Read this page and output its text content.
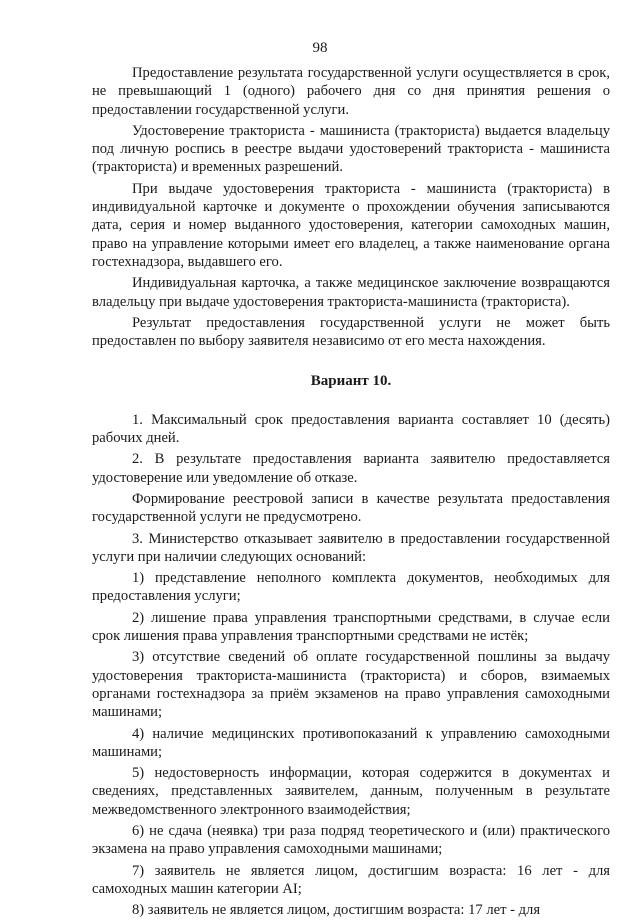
98

Предоставление результата государственной услуги осуществляется в срок, не превышающий 1 (одного) рабочего дня со дня принятия решения о предоставлении государственной услуги.

Удостоверение тракториста - машиниста (тракториста) выдается владельцу под личную роспись в реестре выдачи удостоверений тракториста - машиниста (тракториста) и временных разрешений.

При выдаче удостоверения тракториста - машиниста (тракториста) в индивидуальной карточке и документе о прохождении обучения записываются дата, серия и номер выданного удостоверения, категории самоходных машин, право на управление которыми имеет его владелец, а также наименование органа гостехнадзора, выдавшего его.

Индивидуальная карточка, а также медицинское заключение возвращаются владельцу при выдаче удостоверения тракториста-машиниста (тракториста).

Результат предоставления государственной услуги не может быть предоставлен по выбору заявителя независимо от его места нахождения.

Вариант 10.

1. Максимальный срок предоставления варианта составляет 10 (десять) рабочих дней.

2. В результате предоставления варианта заявителю предоставляется удостоверение или уведомление об отказе.

Формирование реестровой записи в качестве результата предоставления государственной услуги не предусмотрено.

3. Министерство отказывает заявителю в предоставлении государственной услуги при наличии следующих оснований:

1) представление неполного комплекта документов, необходимых для предоставления услуги;

2) лишение права управления транспортными средствами, в случае если срок лишения права управления транспортными средствами не истёк;

3) отсутствие сведений об оплате государственной пошлины за выдачу удостоверения тракториста-машиниста (тракториста) и сборов, взимаемых органами гостехнадзора за приём экзаменов на право управления самоходными машинами;

4) наличие медицинских противопоказаний к управлению самоходными машинами;

5) недостоверность информации, которая содержится в документах и сведениях, представленных заявителем, данным, полученным в результате межведомственного электронного взаимодействия;

6) не сдача (неявка) три раза подряд теоретического и (или) практического экзамена на право управления самоходными машинами;

7) заявитель не является лицом, достигшим возраста: 16 лет - для самоходных машин категории AI;

8) заявитель не является лицом, достигшим возраста: 17 лет - для
